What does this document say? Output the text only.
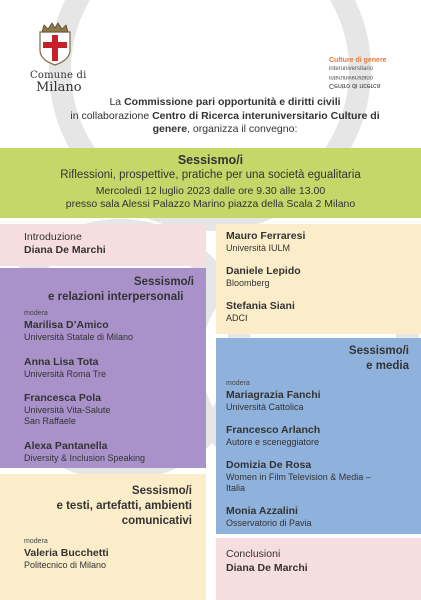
Comune di
Milano
Culture di genere
interuniversitario
interuniversitario
Centro di ricerca
La Commissione pari opportunità e diritti civili
in collaborazione Centro di Ricerca interuniversitario Culture di genere, organizza il convegno:
Sessismo/i
Riflessioni, prospettive, pratiche per una società egualitaria
Mercoledì 12 luglio 2023 dalle ore 9.30 alle 13.00
presso sala Alessi Palazzo Marino piazza della Scala 2 Milano
Introduzione
Diana De Marchi
Sessismo/i
e relazioni interpersonali
modera
Marilisa D’Amico
Università Statale di Milano
Anna Lisa Tota
Università Roma Tre
Francesca Pola
Università Vita-Salute
San Raffaele
Alexa Pantanella
Diversity & Inclusion Speaking
Sessismo/i
e testi, artefatti, ambienti
comunicativi
modera
Valeria Bucchetti
Politecnico di Milano
Mauro Ferraresi
Università IULM
Daniele Lepido
Bloomberg
Stefania Siani
ADCI
Sessismo/i
e media
modera
Mariagrazia Fanchi
Università Cattolica
Francesco Arlanch
Autore e sceneggiatore
Domizia De Rosa
Women in Film Television & Media –
Italia
Monia Azzalini
Osservatorio di Pavia
Conclusioni
Diana De Marchi
